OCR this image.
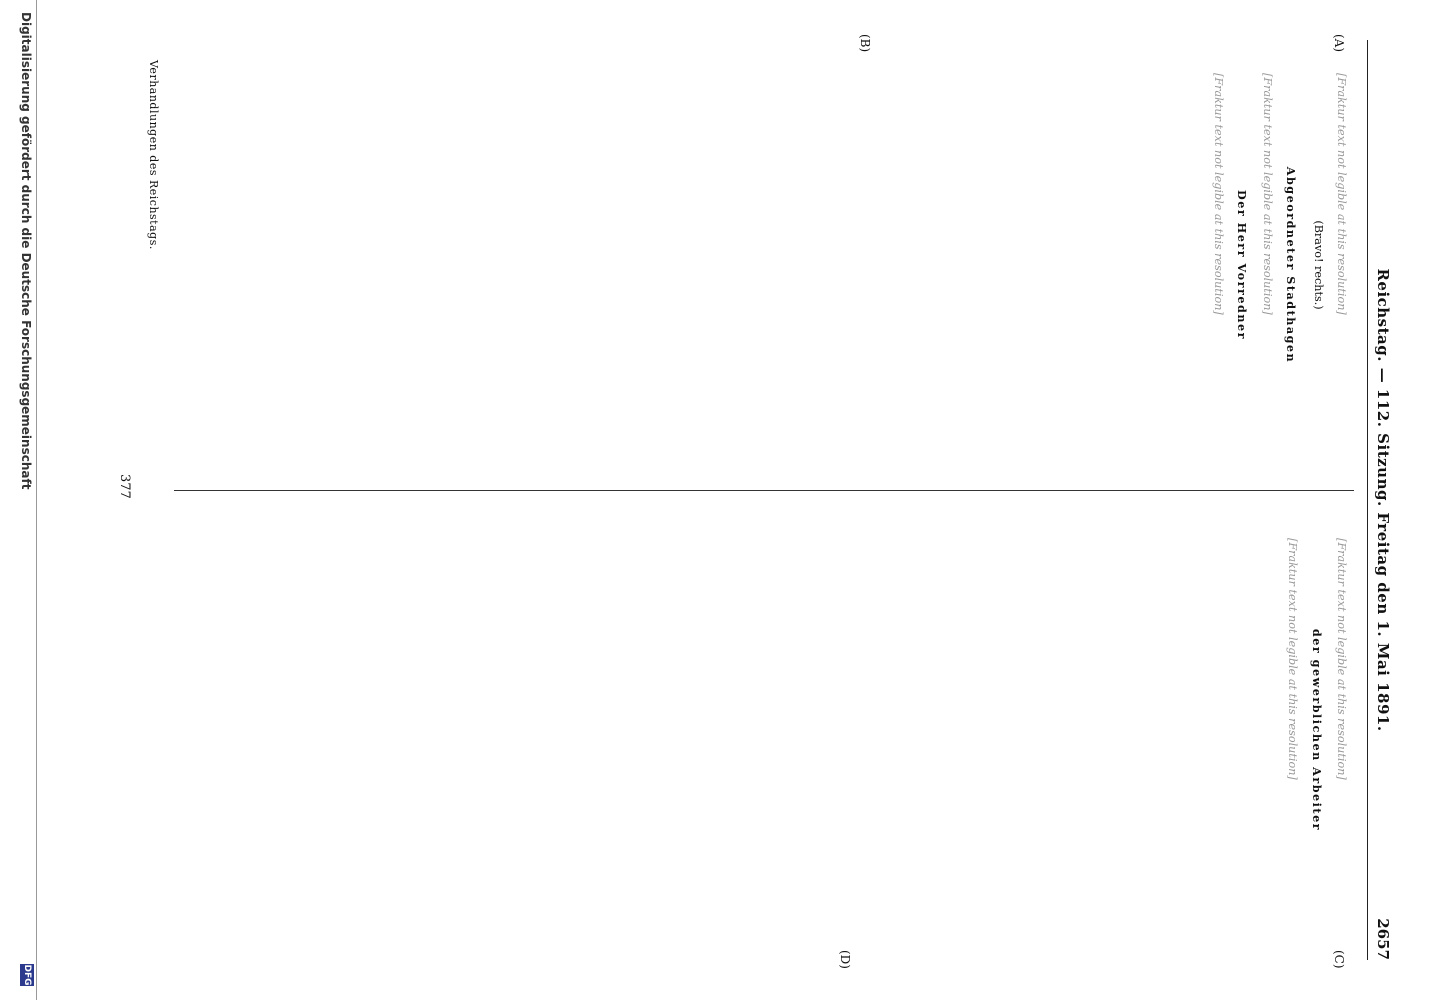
Reichstag. — 112. Sitzung. Freitag den 1. Mai 1891.
2657
(A)
(B)
(C)
(D)

[Fraktur text not legible at this resolution]

(Bravo! rechts.)
Abgeordneter Stadthagen

[Fraktur text not legible at this resolution]

Der Herr Vorredner

[Fraktur text not legible at this resolution]

[Fraktur text not legible at this resolution]

der gewerblichen Arbeiter

[Fraktur text not legible at this resolution]

Verhandlungen des Reichstags.
377
Digitalisierung gefördert durch die Deutsche Forschungsgemeinschaft
DFG
